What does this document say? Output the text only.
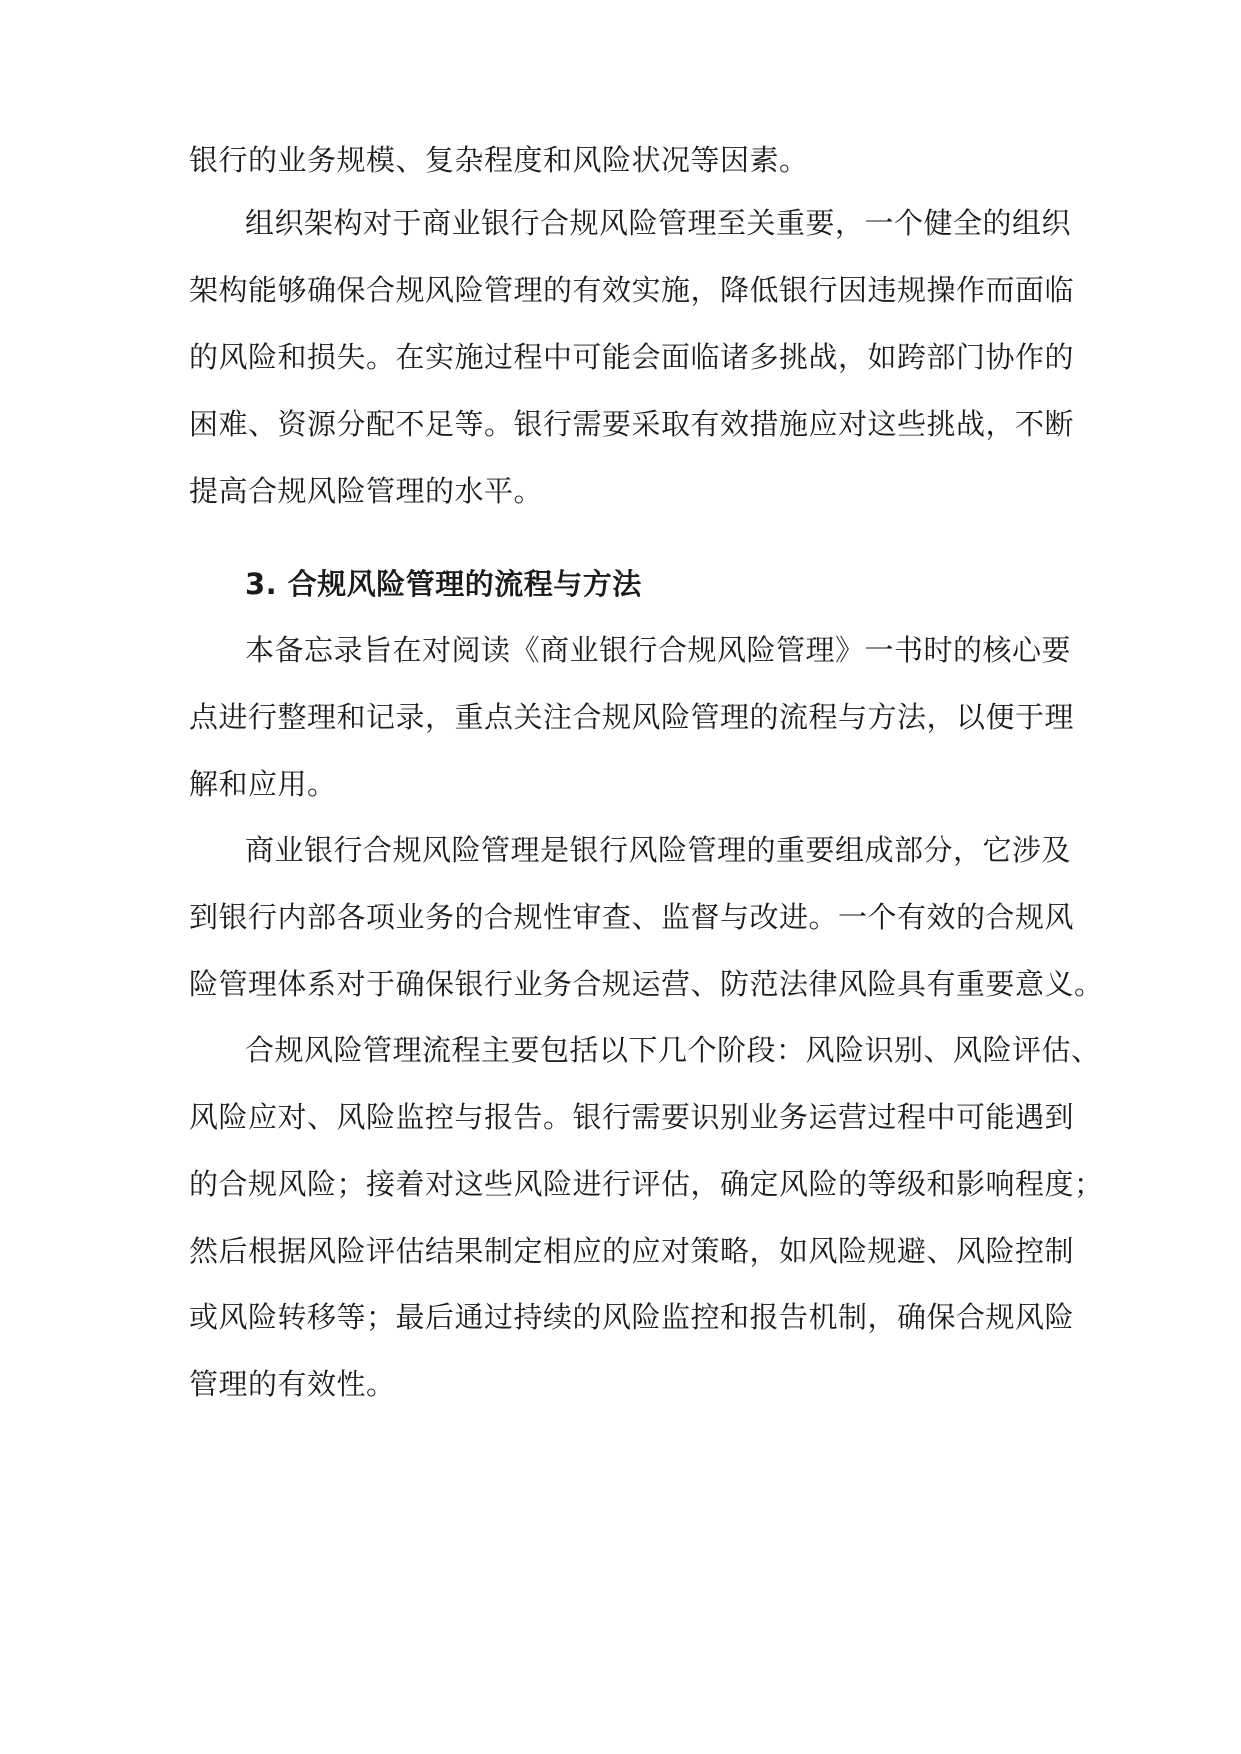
银行的业务规模、复杂程度和风险状况等因素。
组织架构对于商业银行合规风险管理至关重要，一个健全的组织
架构能够确保合规风险管理的有效实施，降低银行因违规操作而面临
的风险和损失。在实施过程中可能会面临诸多挑战，如跨部门协作的
困难、资源分配不足等。银行需要采取有效措施应对这些挑战，不断
提高合规风险管理的水平。
3. 合规风险管理的流程与方法
本备忘录旨在对阅读《商业银行合规风险管理》一书时的核心要
点进行整理和记录，重点关注合规风险管理的流程与方法，以便于理
解和应用。
商业银行合规风险管理是银行风险管理的重要组成部分，它涉及
到银行内部各项业务的合规性审查、监督与改进。一个有效的合规风
险管理体系对于确保银行业务合规运营、防范法律风险具有重要意义。
合规风险管理流程主要包括以下几个阶段：风险识别、风险评估、
风险应对、风险监控与报告。银行需要识别业务运营过程中可能遇到
的合规风险；接着对这些风险进行评估，确定风险的等级和影响程度；
然后根据风险评估结果制定相应的应对策略，如风险规避、风险控制
或风险转移等；最后通过持续的风险监控和报告机制，确保合规风险
管理的有效性。
